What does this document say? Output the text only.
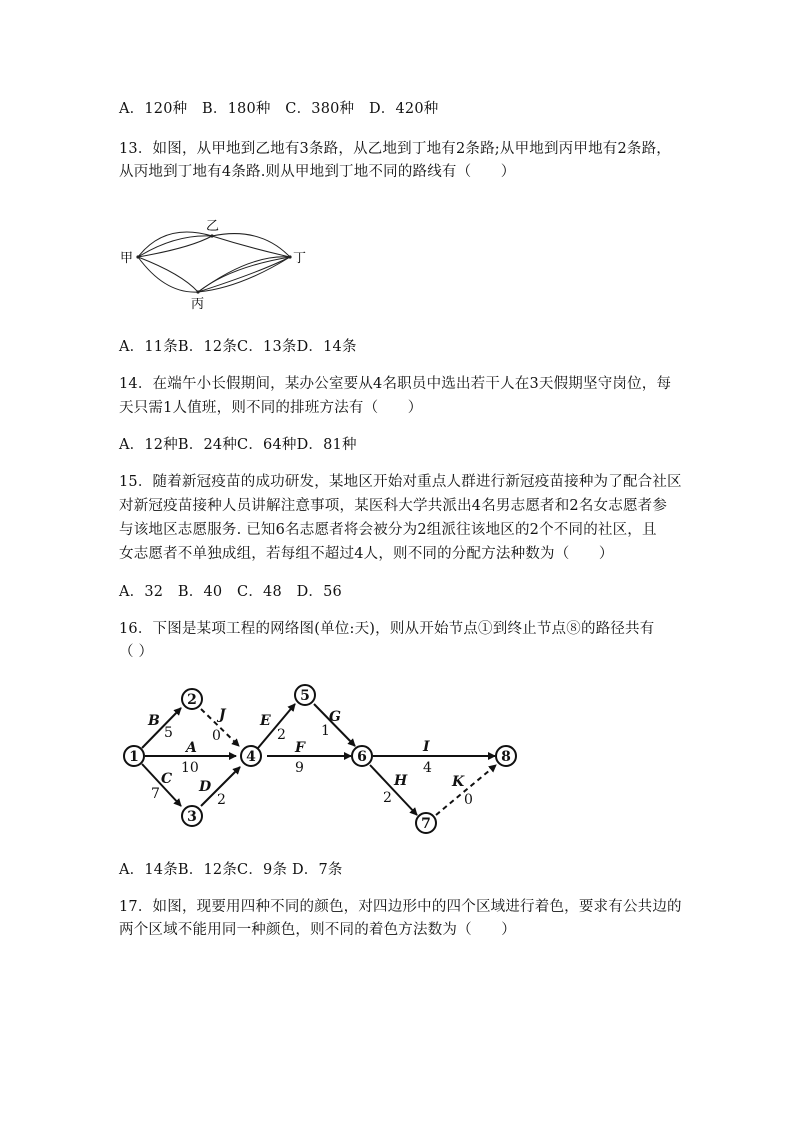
A．120种　B．180种　C．380种　D．420种
13．如图，从甲地到乙地有3条路，从乙地到丁地有2条路;从甲地到丙甲地有2条路，
从丙地到丁地有4条路.则从甲地到丁地不同的路线有（　　）
甲
乙
丙
丁
A．11条B．12条C．13条D．14条
14．在端午小长假期间，某办公室要从4名职员中选出若干人在3天假期坚守岗位，每
天只需1人值班，则不同的排班方法有（　　）
A．12种B．24种C．64种D．81种
15．随着新冠疫苗的成功研发，某地区开始对重点人群进行新冠疫苗接种为了配合社区
对新冠疫苗接种人员讲解注意事项，某医科大学共派出4名男志愿者和2名女志愿者参
与该地区志愿服务. 已知6名志愿者将会被分为2组派往该地区的2个不同的社区，且
女志愿者不单独成组，若每组不超过4人，则不同的分配方法种数为（　　）
A．32　B．40　C．48　D．56
16．下图是某项工程的网络图(单位:天)，则从开始节点①到终止节点⑧的路径共有
（ ）
1
2
3
4
5
6
7
8
B
5
J
0
A
10
C
7	D
2
E
2
F
9
G
1
I
4
H
2
K
0
A．14条B．12条C．9条 D．7条
17．如图，现要用四种不同的颜色，对四边形中的四个区域进行着色，要求有公共边的
两个区域不能用同一种颜色，则不同的着色方法数为（　　）
